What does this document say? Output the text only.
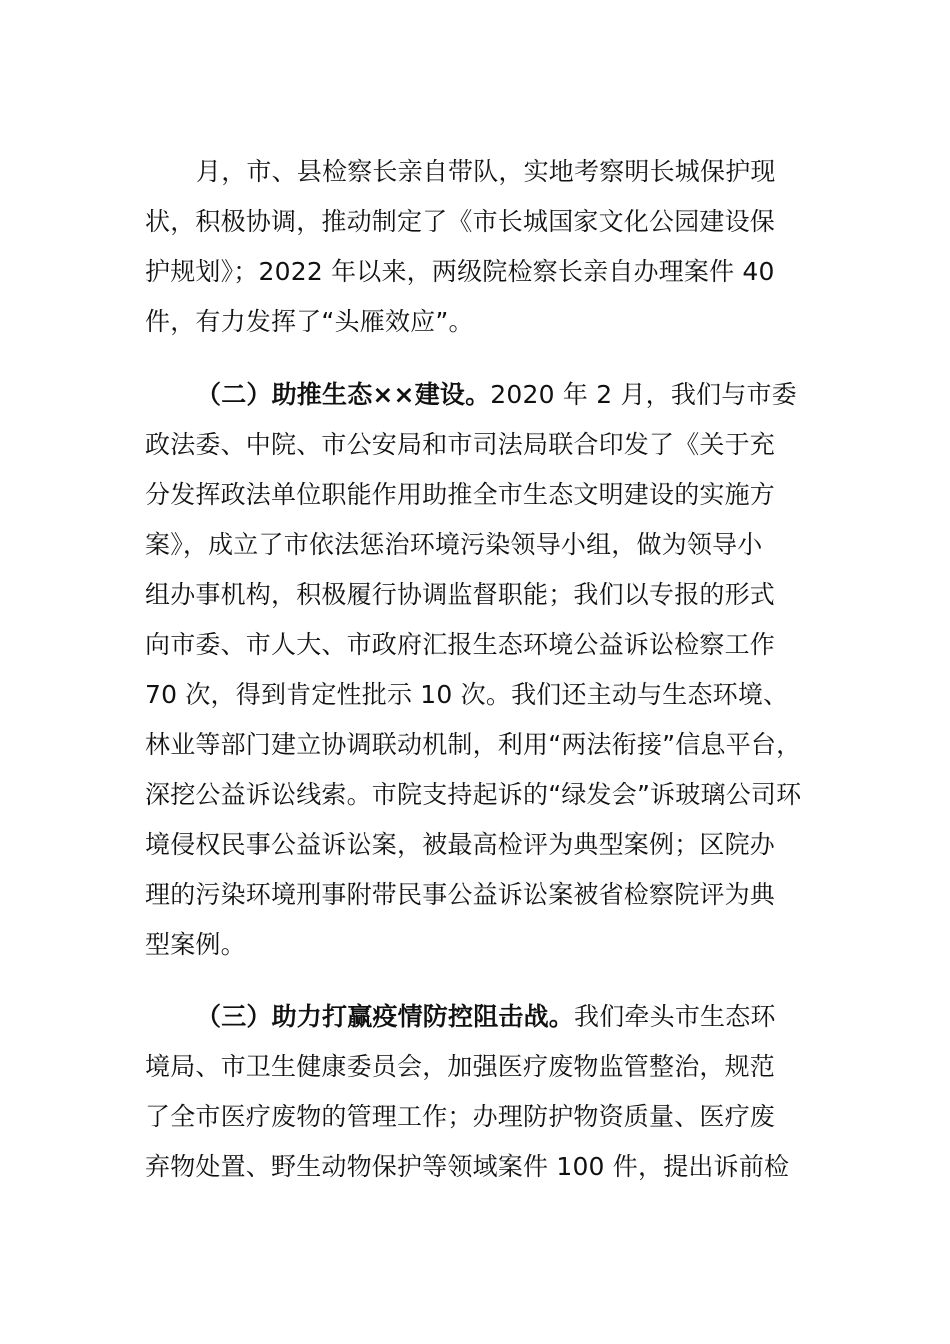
月，市、县检察长亲自带队，实地考察明长城保护现
状，积极协调，推动制定了《市长城国家文化公园建设保
护规划》；2022 年以来，两级院检察长亲自办理案件 40
件，有力发挥了“头雁效应”。
（二）助推生态××建设。2020 年 2 月，我们与市委
政法委、中院、市公安局和市司法局联合印发了《关于充
分发挥政法单位职能作用助推全市生态文明建设的实施方
案》，成立了市依法惩治环境污染领导小组，做为领导小
组办事机构，积极履行协调监督职能；我们以专报的形式
向市委、市人大、市政府汇报生态环境公益诉讼检察工作
70 次，得到肯定性批示 10 次。我们还主动与生态环境、
林业等部门建立协调联动机制，利用“两法衔接”信息平台，
深挖公益诉讼线索。市院支持起诉的“绿发会”诉玻璃公司环
境侵权民事公益诉讼案，被最高检评为典型案例；区院办
理的污染环境刑事附带民事公益诉讼案被省检察院评为典
型案例。
（三）助力打赢疫情防控阻击战。我们牵头市生态环
境局、市卫生健康委员会，加强医疗废物监管整治，规范
了全市医疗废物的管理工作；办理防护物资质量、医疗废
弃物处置、野生动物保护等领域案件 100 件，提出诉前检
